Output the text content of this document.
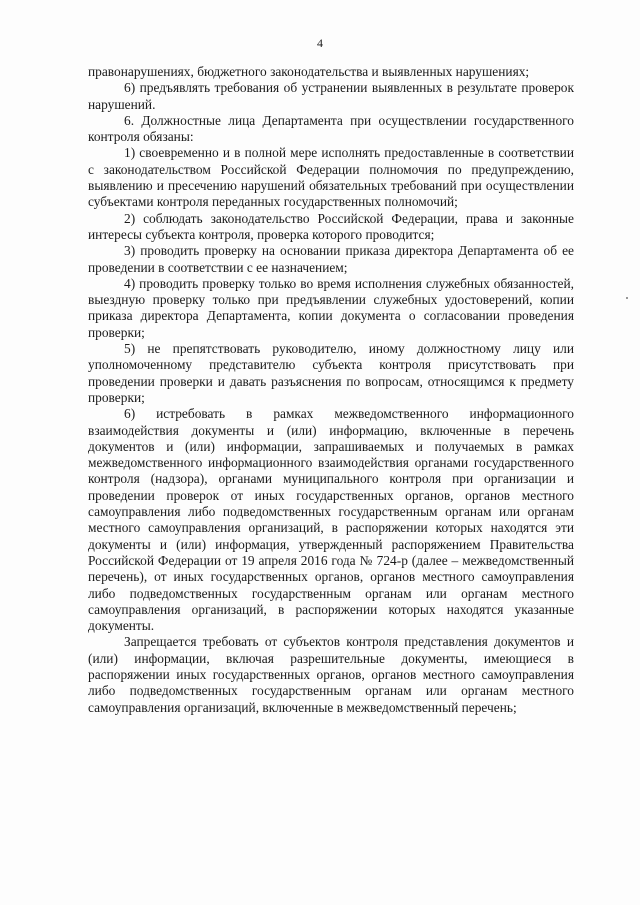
4

правонарушениях, бюджетного законодательства и выявленных нарушениях;

6) предъявлять требования об устранении выявленных в результате проверок нарушений.

6. Должностные лица Департамента при осуществлении государственного контроля обязаны:

1) своевременно и в полной мере исполнять предоставленные в соответствии с законодательством Российской Федерации полномочия по предупреждению, выявлению и пресечению нарушений обязательных требований при осуществлении субъектами контроля переданных государственных полномочий;

2) соблюдать законодательство Российской Федерации, права и законные интересы субъекта контроля, проверка которого проводится;

3) проводить проверку на основании приказа директора Департамента об ее проведении в соответствии с ее назначением;

4) проводить проверку только во время исполнения служебных обязанностей, выездную проверку только при предъявлении служебных удостоверений, копии приказа директора Департамента, копии документа о согласовании проведения проверки;

5) не препятствовать руководителю, иному должностному лицу или уполномоченному представителю субъекта контроля присутствовать при проведении проверки и давать разъяснения по вопросам, относящимся к предмету проверки;

6) истребовать в рамках межведомственного информационного взаимодействия документы и (или) информацию, включенные в перечень документов и (или) информации, запрашиваемых и получаемых в рамках межведомственного информационного взаимодействия органами государственного контроля (надзора), органами муниципального контроля при организации и проведении проверок от иных государственных органов, органов местного самоуправления либо подведомственных государственным органам или органам местного самоуправления организаций, в распоряжении которых находятся эти документы и (или) информация, утвержденный распоряжением Правительства Российской Федерации от 19 апреля 2016 года № 724-р (далее – межведомственный перечень), от иных государственных органов, органов местного самоуправления либо подведомственных государственным органам или органам местного самоуправления организаций, в распоряжении которых находятся указанные документы.

Запрещается требовать от субъектов контроля представления документов и (или) информации, включая разрешительные документы, имеющиеся в распоряжении иных государственных органов, органов местного самоуправления либо подведомственных государственным органам или органам местного самоуправления организаций, включенные в межведомственный перечень;
